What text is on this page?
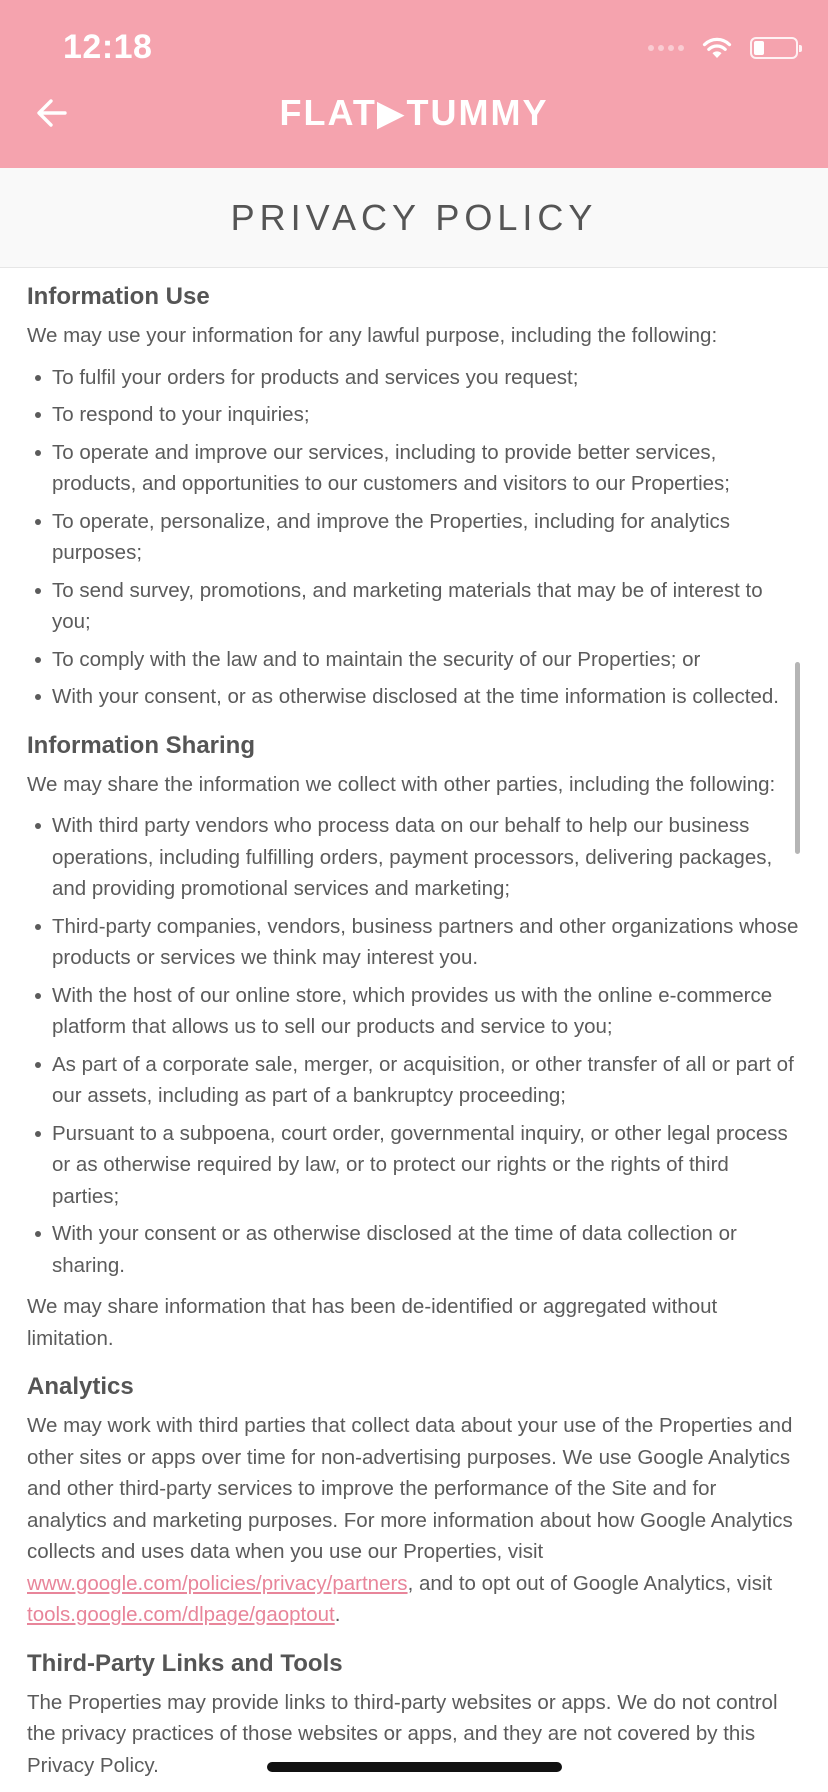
12:18
FLAT▶TUMMY
PRIVACY POLICY
Information Use

We may use your information for any lawful purpose, including the following:

To fulfil your orders for products and services you request;
To respond to your inquiries;
To operate and improve our services, including to provide better services, products, and opportunities to our customers and visitors to our Properties;
To operate, personalize, and improve the Properties, including for analytics purposes;
To send survey, promotions, and marketing materials that may be of interest to you;
To comply with the law and to maintain the security of our Properties; or
With your consent, or as otherwise disclosed at the time information is collected.
Information Sharing

We may share the information we collect with other parties, including the following:

With third party vendors who process data on our behalf to help our business operations, including fulfilling orders, payment processors, delivering packages, and providing promotional services and marketing;
Third-party companies, vendors, business partners and other organizations whose products or services we think may interest you.
With the host of our online store, which provides us with the online e-commerce platform that allows us to sell our products and service to you;
As part of a corporate sale, merger, or acquisition, or other transfer of all or part of our assets, including as part of a bankruptcy proceeding;
Pursuant to a subpoena, court order, governmental inquiry, or other legal process or as otherwise required by law, or to protect our rights or the rights of third parties;
With your consent or as otherwise disclosed at the time of data collection or sharing.

We may share information that has been de-identified or aggregated without limitation.

Analytics

We may work with third parties that collect data about your use of the Properties and other sites or apps over time for non-advertising purposes. We use Google Analytics and other third-party services to improve the performance of the Site and for analytics and marketing purposes. For more information about how Google Analytics collects and uses data when you use our Properties, visit www.google.com/policies/privacy/partners, and to opt out of Google Analytics, visit tools.google.com/dlpage/gaoptout.

Third-Party Links and Tools

The Properties may provide links to third-party websites or apps. We do not control the privacy practices of those websites or apps, and they are not covered by this Privacy Policy.
